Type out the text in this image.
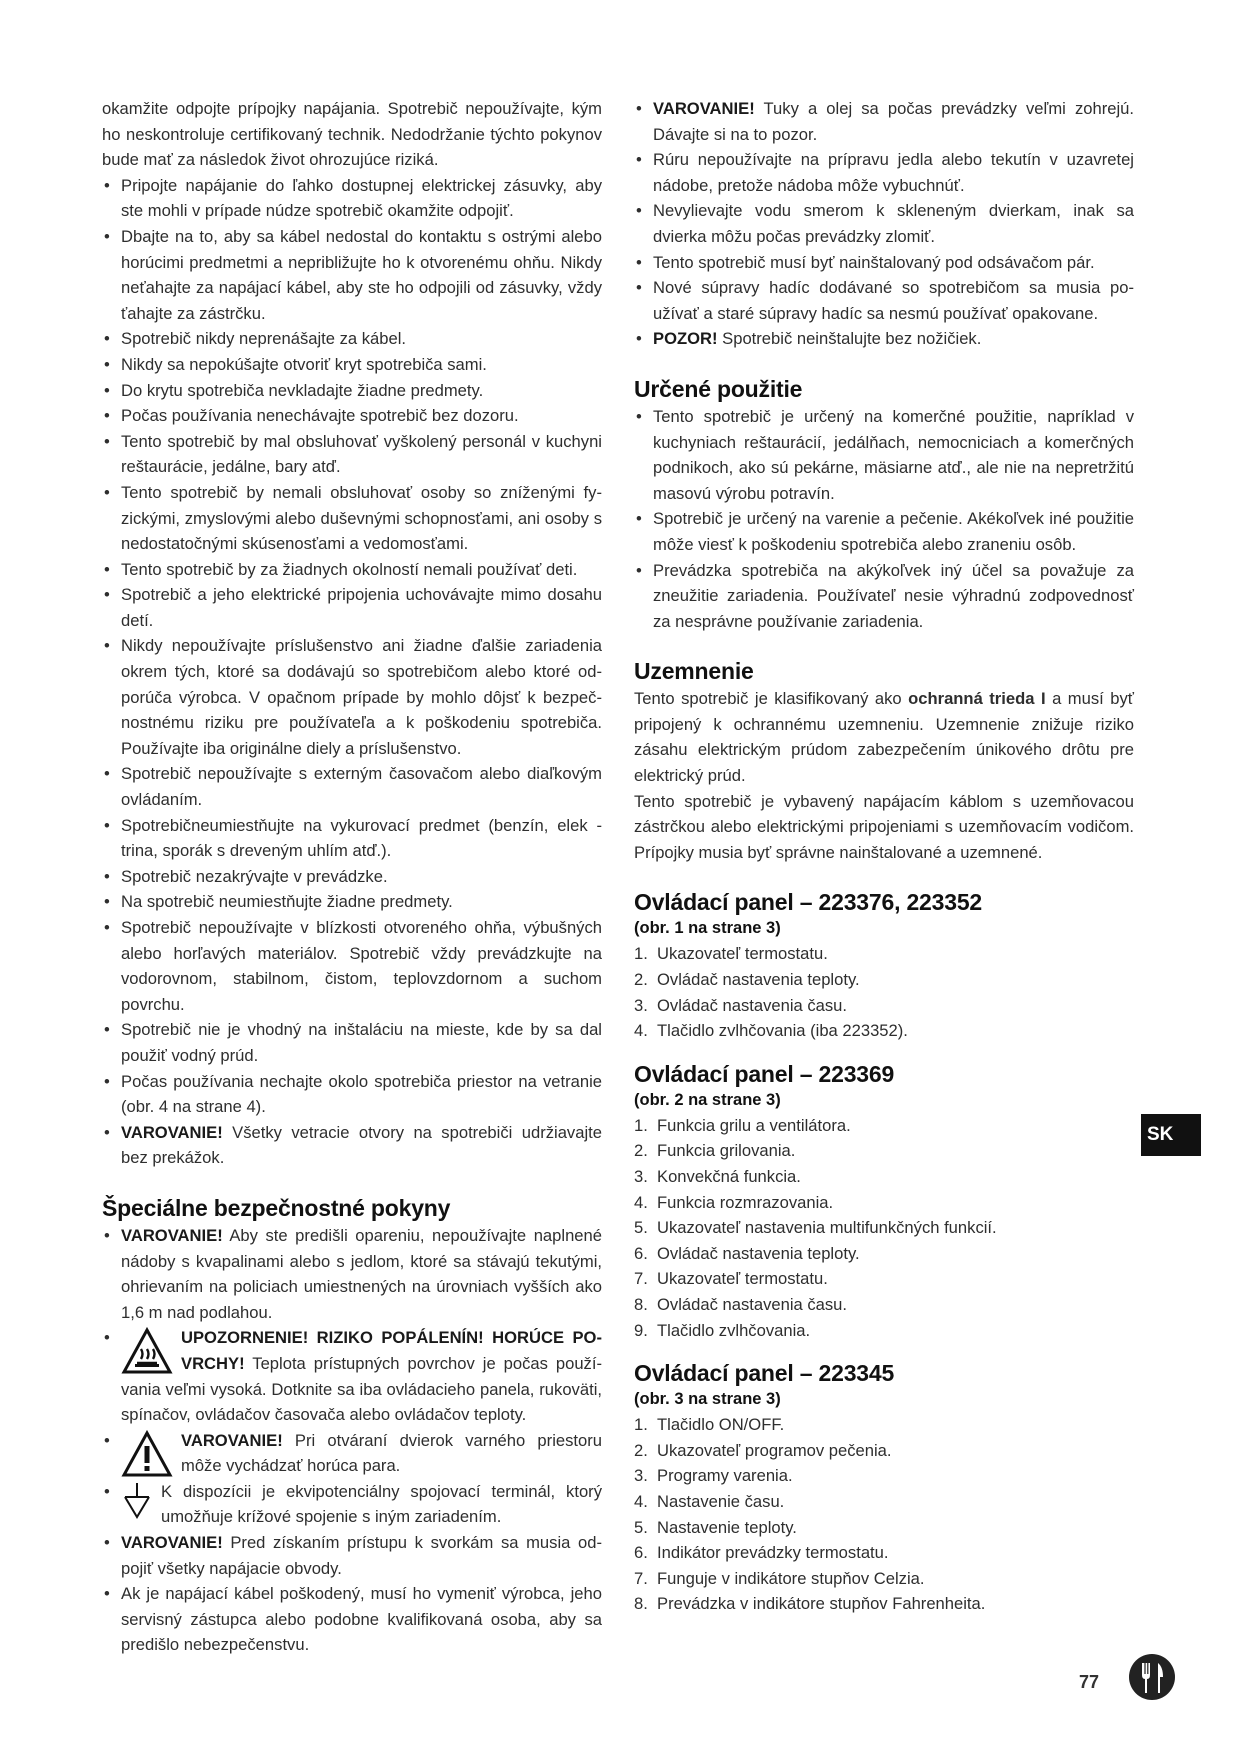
okamžite odpojte prípojky napájania. Spotrebič nepoužívajte, kým ho neskontroluje certifikovaný technik. Nedodržanie týchto pokynov bude mať za následok život ohrozujúce riziká.

• Pripojte napájanie do ľahko dostupnej elektrickej zásuvky, aby ste mohli v prípade núdze spotrebič okamžite odpojiť.
• Dbajte na to, aby sa kábel nedostal do kontaktu s ostrými alebo horúcimi predmetmi a nepribližujte ho k otvorenému ohňu. Nikdy neťahajte za napájací kábel, aby ste ho odpojili od zásuvky, vždy ťahajte za zástrčku.
• Spotrebič nikdy neprenášajte za kábel.
• Nikdy sa nepokúšajte otvoriť kryt spotrebiča sami.
• Do krytu spotrebiča nevkladajte žiadne predmety.
• Počas používania nenechávajte spotrebič bez dozoru.
• Tento spotrebič by mal obsluhovať vyškolený personál v kuchyni reštaurácie, jedálne, bary atď.
• Tento spotrebič by nemali obsluhovať osoby so zníženými fyzickými, zmyslovými alebo duševnými schopnosťami, ani osoby s nedostatočnými skúsenosťami a vedomosťami.
• Tento spotrebič by za žiadnych okolností nemali používať deti.
• Spotrebič a jeho elektrické pripojenia uchovávajte mimo dosahu detí.
• Nikdy nepoužívajte príslušenstvo ani žiadne ďalšie zariadenia okrem tých, ktoré sa dodávajú so spotrebičom alebo ktoré odporúča výrobca. V opačnom prípade by mohlo dôjsť k bezpečnostnému riziku pre používateľa a k poškodeniu spotrebiča. Používajte iba originálne diely a príslušenstvo.
• Spotrebič nepoužívajte s externým časovačom alebo diaľkovým ovládaním.
• Spotrebičneumiestňujte na vykurovací predmet (benzín, elek - trina, sporák s dreveným uhlím atď.).
• Spotrebič nezakrývajte v prevádzke.
• Na spotrebič neumiestňujte žiadne predmety.
• Spotrebič nepoužívajte v blízkosti otvoreného ohňa, výbušných alebo horľavých materiálov. Spotrebič vždy prevádzkujte na vodorovnom, stabilnom, čistom, teplovzdornom a suchom povrchu.
• Spotrebič nie je vhodný na inštaláciu na mieste, kde by sa dal použiť vodný prúd.
• Počas používania nechajte okolo spotrebiča priestor na vetranie (obr. 4 na strane 4).
• VAROVANIE! Všetky vetracie otvory na spotrebiči udržiavajte bez prekážok.
Špeciálne bezpečnostné pokyny
• VAROVANIE! Aby ste predišli opareniu, nepoužívajte naplnené nádoby s kvapalinami alebo s jedlom, ktoré sa stávajú tekutými, ohrievaním na policiach umiestnených na úrovniach vyšších ako 1,6 m nad podlahou.
•	UPOZORNENIE! RIZIKO POPÁLENÍN! HORÚCE POVRCHY! Teplota prístupných povrchov je počas používania veľmi vysoká. Dotknite sa iba ovládacieho panela, rukoväti, spínačov, ovládačov časovača alebo ovládačov teploty.
•	VAROVANIE! Pri otváraní dvierok varného priestoru môže vychádzať horúca para.
•	K dispozícii je ekvipotenciálny spojovací terminál, ktorý umožňuje krížové spojenie s iným zariadením.
• VAROVANIE! Pred získaním prístupu k svorkám sa musia odpojiť všetky napájacie obvody.
• Ak je napájací kábel poškodený, musí ho vymeniť výrobca, jeho servisný zástupca alebo podobne kvalifikovaná osoba, aby sa predišlo nebezpečenstvu.
• VAROVANIE! Tuky a olej sa počas prevádzky veľmi zohrejú. Dávajte si na to pozor.
• Rúru nepoužívajte na prípravu jedla alebo tekutín v uzavretej nádobe, pretože nádoba môže vybuchnúť.
• Nevylievajte vodu smerom k skleneným dvierkam, inak sa dvierka môžu počas prevádzky zlomiť.
• Tento spotrebič musí byť nainštalovaný pod odsávačom pár.
• Nové súpravy hadíc dodávané so spotrebičom sa musia používať a staré súpravy hadíc sa nesmú používať opakovane.
• POZOR! Spotrebič neinštalujte bez nožičiek.
Určené použitie
• Tento spotrebič je určený na komerčné použitie, napríklad v kuchyniach reštaurácií, jedálňach, nemocniciach a komerčných podnikoch, ako sú pekárne, mäsiarne atď., ale nie na nepretržitú masovú výrobu potravín.
• Spotrebič je určený na varenie a pečenie. Akékoľvek iné použitie môže viesť k poškodeniu spotrebiča alebo zraneniu osôb.
• Prevádzka spotrebiča na akýkoľvek iný účel sa považuje za zneužitie zariadenia. Používateľ nesie výhradnú zodpovednosť za nesprávne používanie zariadenia.
Uzemnenie

Tento spotrebič je klasifikovaný ako ochranná trieda I a musí byť pripojený k ochrannému uzemneniu. Uzemnenie znižuje riziko zásahu elektrickým prúdom zabezpečením únikového drôtu pre elektrický prúd.

Tento spotrebič je vybavený napájacím káblom s uzemňovacou zástrčkou alebo elektrickými pripojeniami s uzemňovacím vodičom. Prípojky musia byť správne nainštalované a uzemnené.

Ovládací panel – 223376, 223352

(obr. 1 na strane 3)

1. Ukazovateľ termostatu.
2. Ovládač nastavenia teploty.
3. Ovládač nastavenia času.
4. Tlačidlo zvlhčovania (iba 223352).
Ovládací panel – 223369

(obr. 2 na strane 3)

1. Funkcia grilu a ventilátora.
2. Funkcia grilovania.
3. Konvekčná funkcia.
4. Funkcia rozmrazovania.
5. Ukazovateľ nastavenia multifunkčných funkcií.
6. Ovládač nastavenia teploty.
7. Ukazovateľ termostatu.
8. Ovládač nastavenia času.
9. Tlačidlo zvlhčovania.
Ovládací panel – 223345

(obr. 3 na strane 3)

1. Tlačidlo ON/OFF.
2. Ukazovateľ programov pečenia.
3. Programy varenia.
4. Nastavenie času.
5. Nastavenie teploty.
6. Indikátor prevádzky termostatu.
7. Funguje v indikátore stupňov Celzia.
8. Prevádzka v indikátore stupňov Fahrenheita.
SK
77
